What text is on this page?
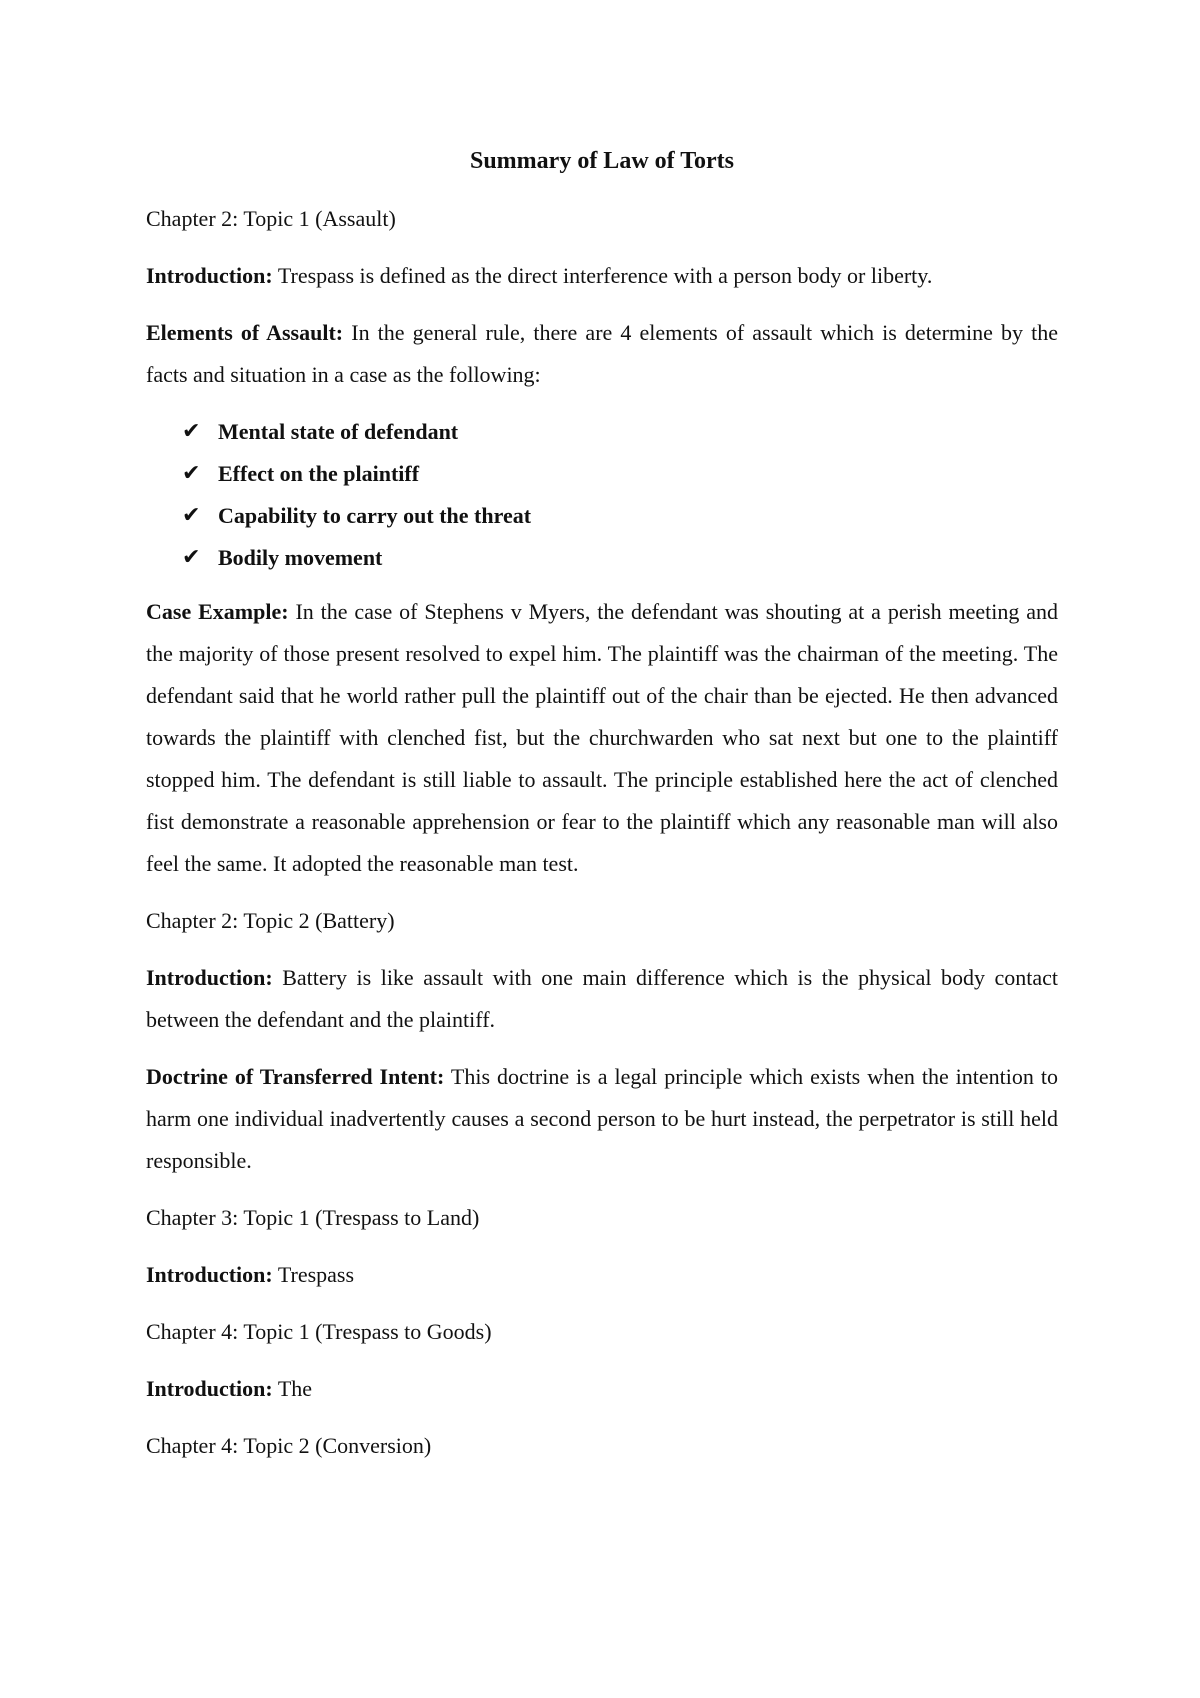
Summary of Law of Torts

Chapter 2: Topic 1 (Assault)

Introduction: Trespass is defined as the direct interference with a person body or liberty.

Elements of Assault: In the general rule, there are 4 elements of assault which is determine by the facts and situation in a case as the following:

✔ Mental state of defendant
✔ Effect on the plaintiff
✔ Capability to carry out the threat
✔ Bodily movement

Case Example: In the case of Stephens v Myers, the defendant was shouting at a perish meeting and the majority of those present resolved to expel him. The plaintiff was the chairman of the meeting. The defendant said that he world rather pull the plaintiff out of the chair than be ejected. He then advanced towards the plaintiff with clenched fist, but the churchwarden who sat next but one to the plaintiff stopped him. The defendant is still liable to assault. The principle established here the act of clenched fist demonstrate a reasonable apprehension or fear to the plaintiff which any reasonable man will also feel the same. It adopted the reasonable man test.

Chapter 2: Topic 2 (Battery)

Introduction: Battery is like assault with one main difference which is the physical body contact between the defendant and the plaintiff.

Doctrine of Transferred Intent: This doctrine is a legal principle which exists when the intention to harm one individual inadvertently causes a second person to be hurt instead, the perpetrator is still held responsible.

Chapter 3: Topic 1 (Trespass to Land)

Introduction: Trespass

Chapter 4: Topic 1 (Trespass to Goods)

Introduction: The

Chapter 4: Topic 2 (Conversion)
